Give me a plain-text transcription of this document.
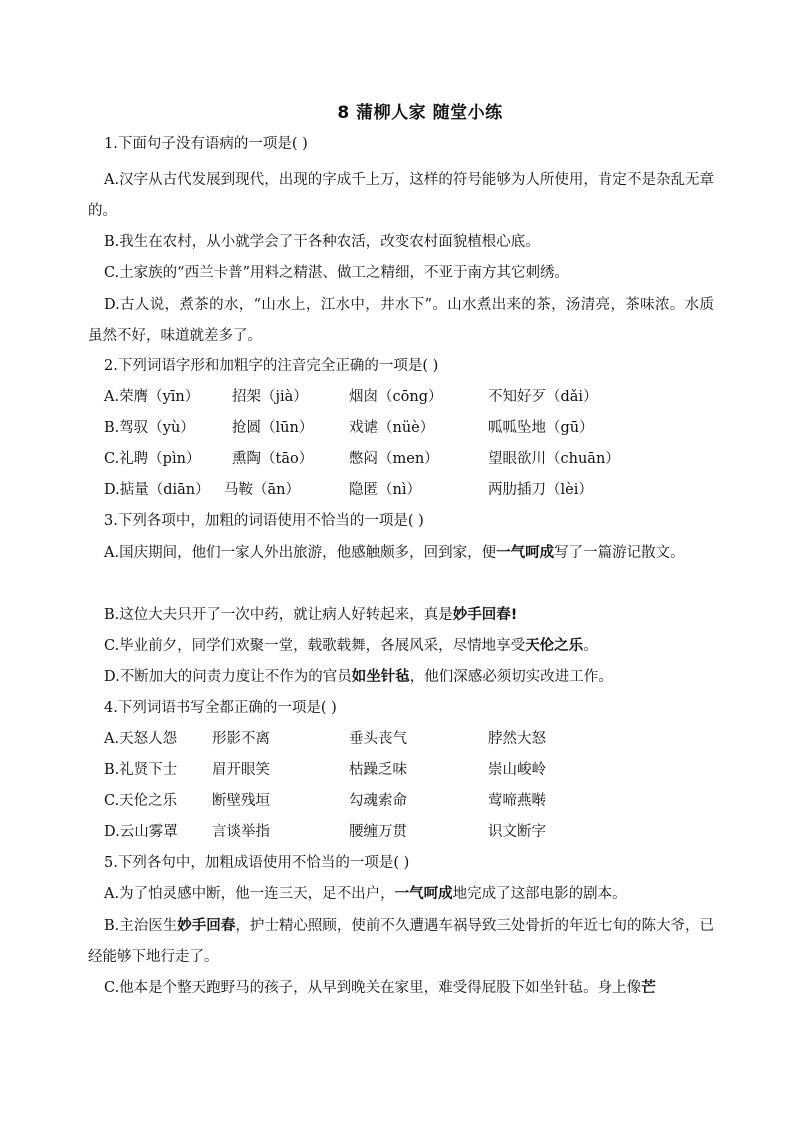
8 蒲柳人家 随堂小练
1.下面句子没有语病的一项是( )
A.汉字从古代发展到现代，出现的字成千上万，这样的符号能够为人所使用，肯定不是杂乱无章的。
B.我生在农村，从小就学会了干各种农活，改变农村面貌植根心底。
C.土家族的“西兰卡普”用料之精湛、做工之精细，不亚于南方其它刺绣。
D.古人说，煮茶的水，“山水上，江水中，井水下”。山水煮出来的茶，汤清亮，茶味浓。水质虽然不好，味道就差多了。
2.下列词语字形和加粗字的注音完全正确的一项是( )
A.荣膺（yīn） 招架（jià）	烟囱（cōng）	不知好歹（dǎi）
B.驾驭（yù）	抢圆（lūn） 戏谑（nüè）	呱呱坠地（gū）
C.礼聘（pìn） 熏陶（tāo） 憋闷（men）	望眼欲川（chuān）
D.掂量（diān） 马鞍（ān）	隐匿（nì）	两肋插刀（lèi）
3.下列各项中，加粗的词语使用不恰当的一项是( )
A.国庆期间，他们一家人外出旅游，他感触颇多，回到家，便一气呵成写了一篇游记散文。
B.这位大夫只开了一次中药，就让病人好转起来，真是妙手回春!
C.毕业前夕，同学们欢聚一堂，载歌载舞，各展风采，尽情地享受天伦之乐。
D.不断加大的问责力度让不作为的官员如坐针毡，他们深感必须切实改进工作。
4.下列词语书写全都正确的一项是( )
A.天怒人怨 形影不离	垂头丧气	脖然大怒
B.礼贤下士 眉开眼笑	枯躁乏味	崇山峻岭
C.天伦之乐 断壁残垣	勾魂索命	莺啼燕啭
D.云山雾罩 言谈举指	腰缠万贯	识文断字
5.下列各句中，加粗成语使用不恰当的一项是( )
A.为了怕灵感中断，他一连三天，足不出户，一气呵成地完成了这部电影的剧本。
B.主治医生妙手回春，护士精心照顾，使前不久遭遇车祸导致三处骨折的年近七旬的陈大爷，已经能够下地行走了。
C.他本是个整天跑野马的孩子，从早到晚关在家里，难受得屁股下如坐针毡。身上像芒
